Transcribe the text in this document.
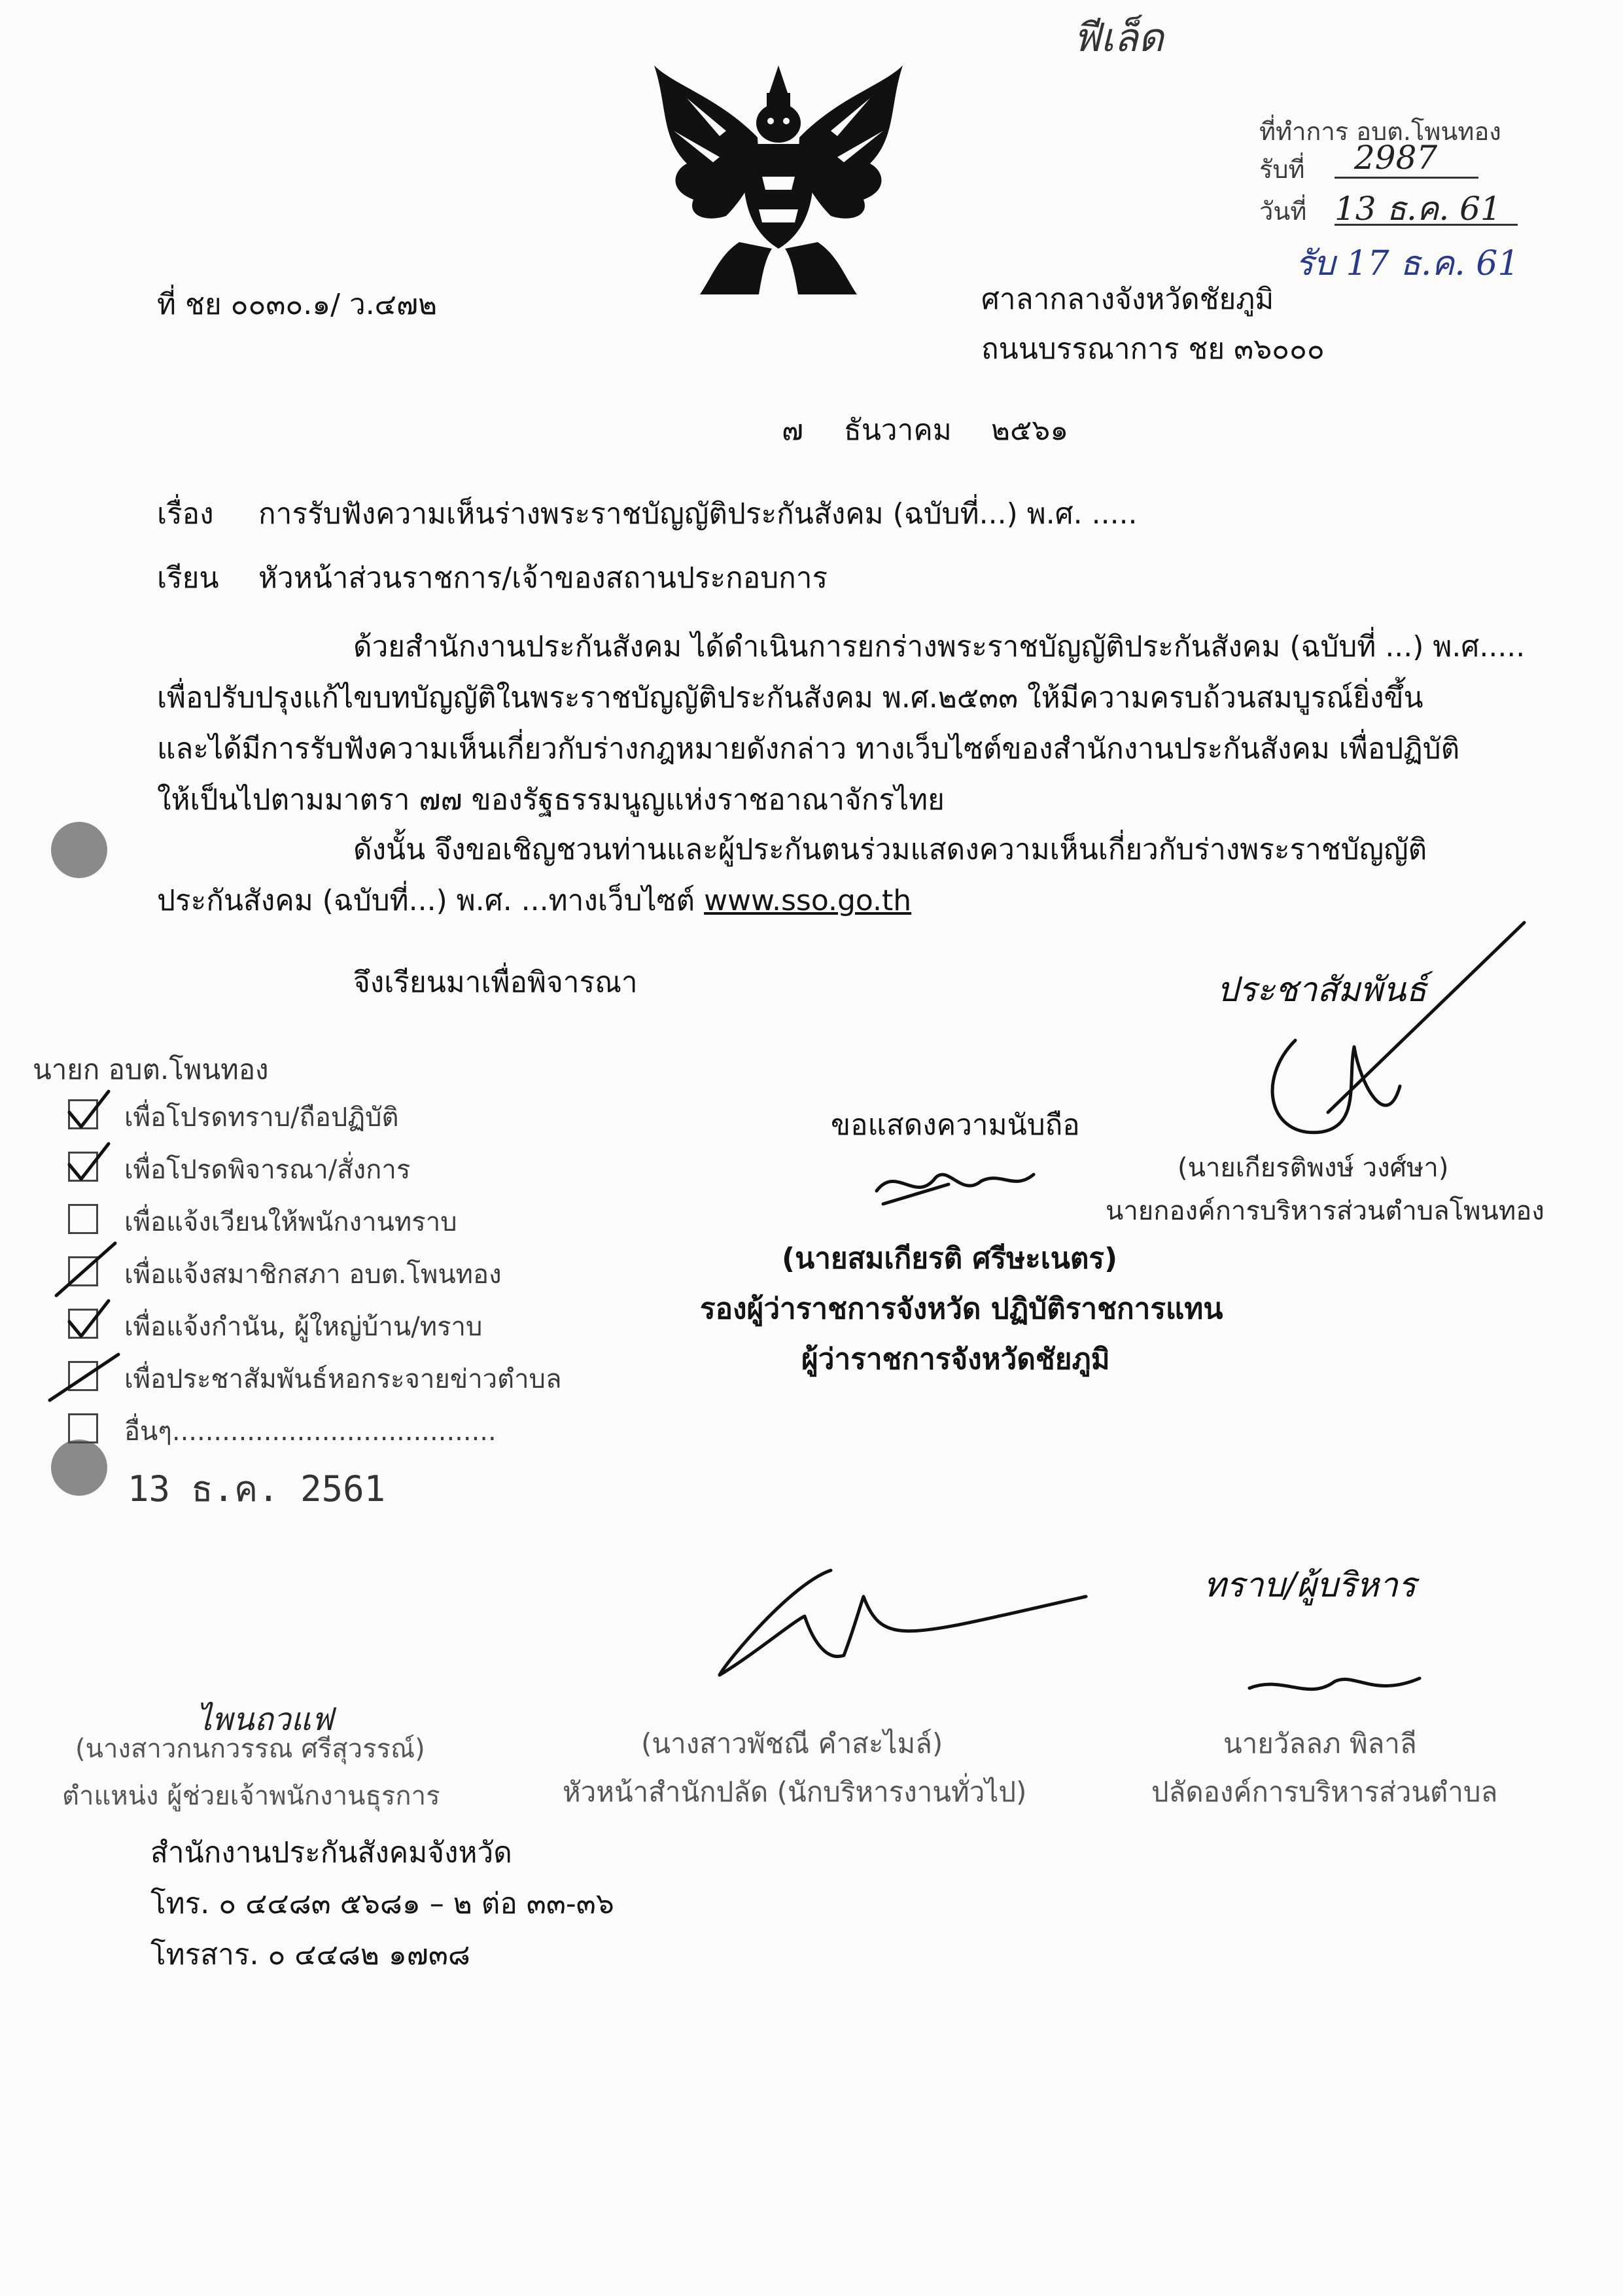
ฟีเล็ด
ที่ทำการ อบต.โพนทอง
รับที่ 2987
วันที่ 13 ธ.ค. 61
รับ 17 ธ.ค. 61
ที่ ชย ๐๐๓๐.๑/ ว.๔๗๒	ศาลากลางจังหวัดชัยภูมิ
ถนนบรรณาการ ชย ๓๖๐๐๐
๗ ธันวาคม ๒๕๖๑
เรื่อง การรับฟังความเห็นร่างพระราชบัญญัติประกันสังคม (ฉบับที่...) พ.ศ. .....
เรียน หัวหน้าส่วนราชการ/เจ้าของสถานประกอบการ
ด้วยสำนักงานประกันสังคม ได้ดำเนินการยกร่างพระราชบัญญัติประกันสังคม (ฉบับที่ ...) พ.ศ.....
เพื่อปรับปรุงแก้ไขบทบัญญัติในพระราชบัญญัติประกันสังคม พ.ศ.๒๕๓๓ ให้มีความครบถ้วนสมบูรณ์ยิ่งขึ้น
และได้มีการรับฟังความเห็นเกี่ยวกับร่างกฎหมายดังกล่าว ทางเว็บไซต์ของสำนักงานประกันสังคม เพื่อปฏิบัติ
ให้เป็นไปตามมาตรา ๗๗ ของรัฐธรรมนูญแห่งราชอาณาจักรไทย
ดังนั้น จึงขอเชิญชวนท่านและผู้ประกันตนร่วมแสดงความเห็นเกี่ยวกับร่างพระราชบัญญัติ
ประกันสังคม (ฉบับที่...) พ.ศ. ...ทางเว็บไซต์ www.sso.go.th
จึงเรียนมาเพื่อพิจารณา
นายก อบต.โพนทอง
เพื่อโปรดทราบ/ถือปฏิบัติ
เพื่อโปรดพิจารณา/สั่งการ
เพื่อแจ้งเวียนให้พนักงานทราบ
เพื่อแจ้งสมาชิกสภา อบต.โพนทอง
เพื่อแจ้งกำนัน, ผู้ใหญ่บ้าน/ทราบ
เพื่อประชาสัมพันธ์หอกระจายข่าวตำบล
อื่นๆ.......................................
13 ธ.ค. 2561
ขอแสดงความนับถือ
(นายสมเกียรติ ศรีษะเนตร)
รองผู้ว่าราชการจังหวัด ปฏิบัติราชการแทน
ผู้ว่าราชการจังหวัดชัยภูมิ
ประชาสัมพันธ์
(นายเกียรติพงษ์ วงศ์ษา)
นายกองค์การบริหารส่วนตำบลโพนทอง
ทราบ/ผู้บริหาร
ไพนถวแฟ
(นางสาวกนกวรรณ ศรีสุวรรณ์)
ตำแหน่ง ผู้ช่วยเจ้าพนักงานธุรการ
(นางสาวพัชณี คำสะไมล์)
หัวหน้าสำนักปลัด (นักบริหารงานทั่วไป)
นายวัลลภ พิลาลี
ปลัดองค์การบริหารส่วนตำบล
สำนักงานประกันสังคมจังหวัด
โทร. ๐ ๔๔๘๓ ๕๖๘๑ – ๒ ต่อ ๓๓-๓๖
โทรสาร. ๐ ๔๔๘๒ ๑๗๓๘
